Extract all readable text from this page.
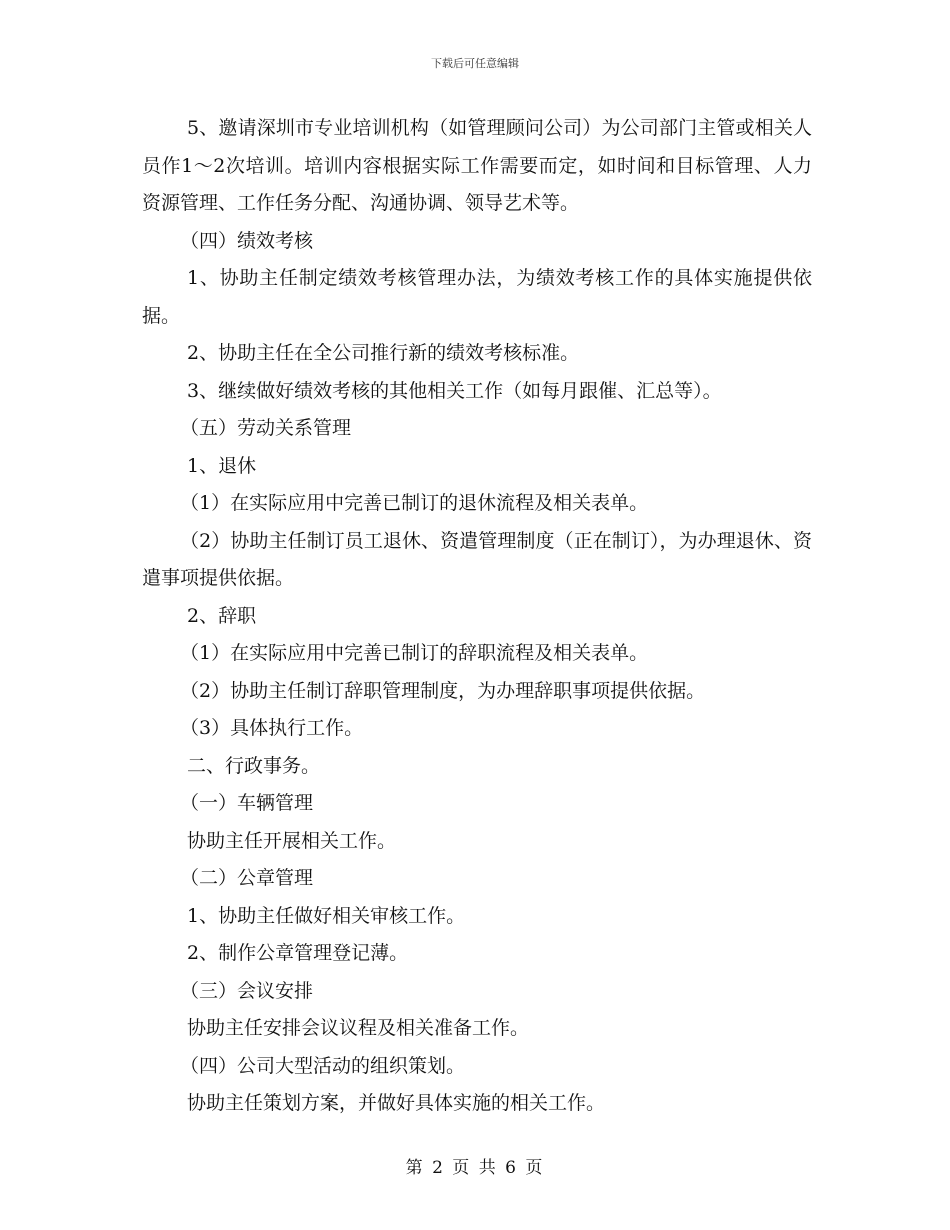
下载后可任意编辑

5、邀请深圳市专业培训机构（如管理顾问公司）为公司部门主管或相关人员作1～2次培训。培训内容根据实际工作需要而定，如时间和目标管理、人力资源管理、工作任务分配、沟通协调、领导艺术等。

（四）绩效考核

1、协助主任制定绩效考核管理办法，为绩效考核工作的具体实施提供依据。

2、协助主任在全公司推行新的绩效考核标准。

3、继续做好绩效考核的其他相关工作（如每月跟催、汇总等）。

（五）劳动关系管理

1、退休

（1）在实际应用中完善已制订的退休流程及相关表单。

（2）协助主任制订员工退休、资遣管理制度（正在制订），为办理退休、资遣事项提供依据。

2、辞职

（1）在实际应用中完善已制订的辞职流程及相关表单。

（2）协助主任制订辞职管理制度，为办理辞职事项提供依据。

（3）具体执行工作。

二、行政事务。

（一）车辆管理

协助主任开展相关工作。

（二）公章管理

1、协助主任做好相关审核工作。

2、制作公章管理登记薄。

（三）会议安排

协助主任安排会议议程及相关准备工作。

（四）公司大型活动的组织策划。

协助主任策划方案，并做好具体实施的相关工作。

第 2 页 共 6 页
